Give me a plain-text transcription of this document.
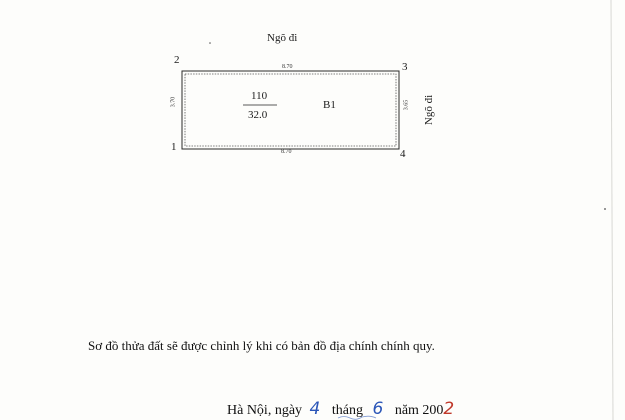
Ngõ đi
Ngõ đi
2
3
1
4
8.70
8.70
3.70	3.65
110
32.0
B1
Sơ đồ thửa đất sẽ được chỉnh lý khi có bản đồ địa chính chính quy.
Hà Nội, ngày 4 tháng 6 năm 2002
